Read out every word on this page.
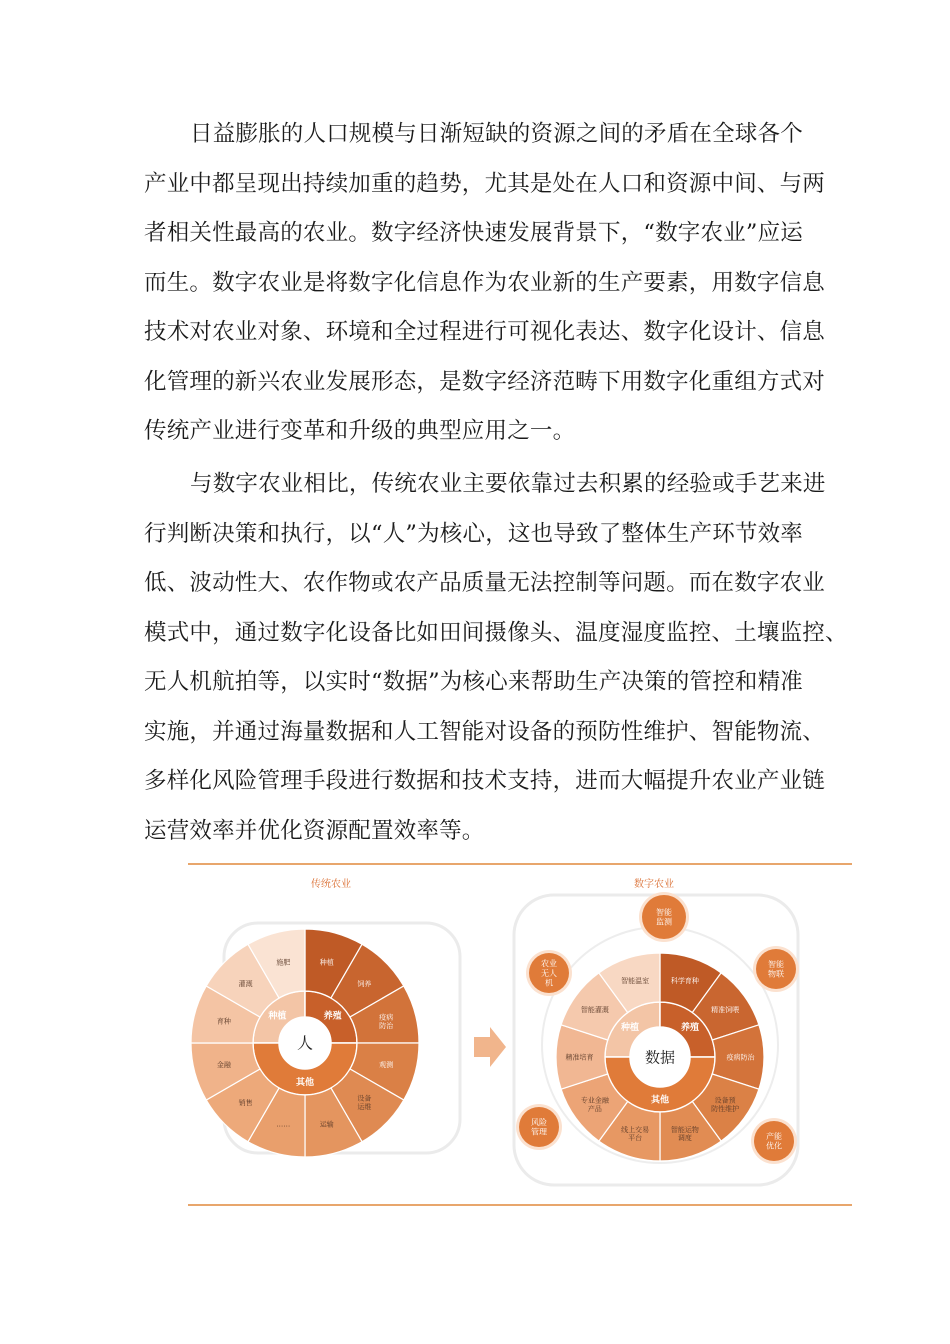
日益膨胀的人口规模与日渐短缺的资源之间的矛盾在全球各个
产业中都呈现出持续加重的趋势，尤其是处在人口和资源中间、与两
者相关性最高的农业。数字经济快速发展背景下，“数字农业”应运
而生。数字农业是将数字化信息作为农业新的生产要素，用数字信息
技术对农业对象、环境和全过程进行可视化表达、数字化设计、信息
化管理的新兴农业发展形态，是数字经济范畴下用数字化重组方式对
传统产业进行变革和升级的典型应用之一。
与数字农业相比，传统农业主要依靠过去积累的经验或手艺来进
行判断决策和执行，以“人”为核心，这也导致了整体生产环节效率
低、波动性大、农作物或农产品质量无法控制等问题。而在数字农业
模式中，通过数字化设备比如田间摄像头、温度湿度监控、土壤监控、
无人机航拍等，以实时“数据”为核心来帮助生产决策的管控和精准
实施，并通过海量数据和人工智能对设备的预防性维护、智能物流、
多样化风险管理手段进行数据和技术支持，进而大幅提升农业产业链
运营效率并优化资源配置效率等。
传统农业	数字农业
种植
饲养
疫病防治
观测
设备运维
运输
……
销售
金融
育种
灌溉
施肥
种植	养殖
其他
人
科学育种
精准饲喂
疫病防治
设备预防性维护
智能运物调度
线上交易平台
专业金融产品
精准培育
智能灌溉
智能温室
种植	养殖
其他
数据
智能监测
农业无人机
智能物联
风险管理	产能优化
